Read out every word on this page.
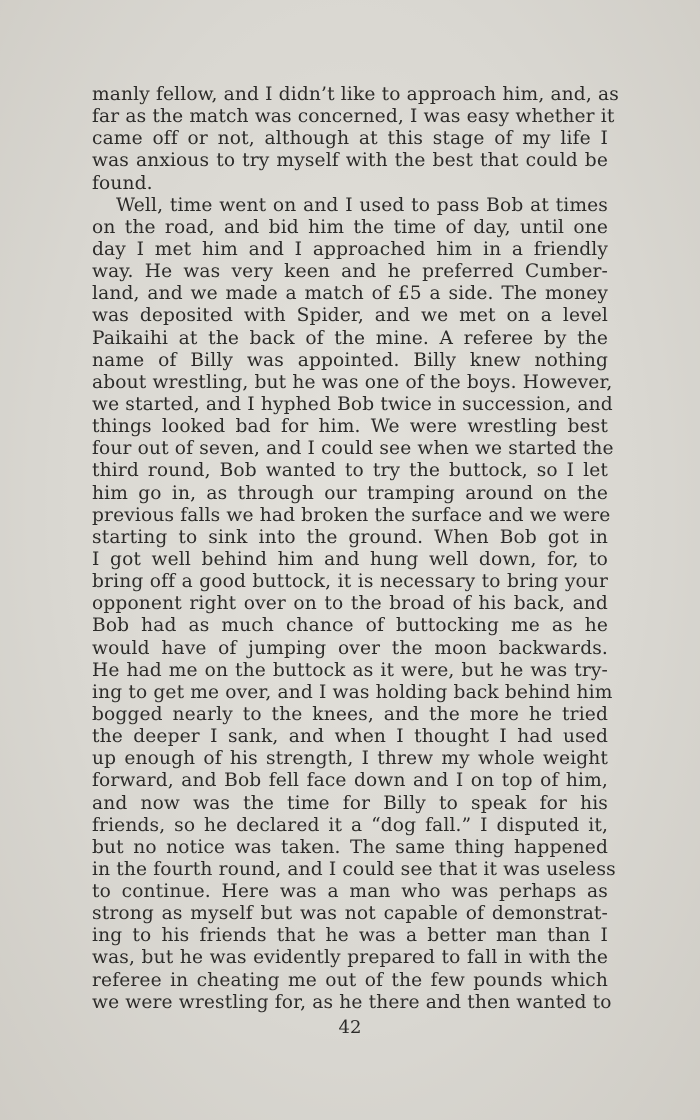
manly fellow, and I didn’t like to approach him, and, as
far as the match was concerned, I was easy whether it
came off or not, although at this stage of my life I
was anxious to try myself with the best that could be
found.
Well, time went on and I used to pass Bob at times
on the road, and bid him the time of day, until one
day I met him and I approached him in a friendly
way. He was very keen and he preferred Cumber-
land, and we made a match of £5 a side. The money
was deposited with Spider, and we met on a level
Paikaihi at the back of the mine. A referee by the
name of Billy was appointed. Billy knew nothing
about wrestling, but he was one of the boys. However,
we started, and I hyphed Bob twice in succession, and
things looked bad for him. We were wrestling best
four out of seven, and I could see when we started the
third round, Bob wanted to try the buttock, so I let
him go in, as through our tramping around on the
previous falls we had broken the surface and we were
starting to sink into the ground. When Bob got in
I got well behind him and hung well down, for, to
bring off a good buttock, it is necessary to bring your
opponent right over on to the broad of his back, and
Bob had as much chance of buttocking me as he
would have of jumping over the moon backwards.
He had me on the buttock as it were, but he was try-
ing to get me over, and I was holding back behind him
bogged nearly to the knees, and the more he tried
the deeper I sank, and when I thought I had used
up enough of his strength, I threw my whole weight
forward, and Bob fell face down and I on top of him,
and now was the time for Billy to speak for his
friends, so he declared it a “dog fall.” I disputed it,
but no notice was taken. The same thing happened
in the fourth round, and I could see that it was useless
to continue. Here was a man who was perhaps as
strong as myself but was not capable of demonstrat-
ing to his friends that he was a better man than I
was, but he was evidently prepared to fall in with the
referee in cheating me out of the few pounds which
we were wrestling for, as he there and then wanted to
42
